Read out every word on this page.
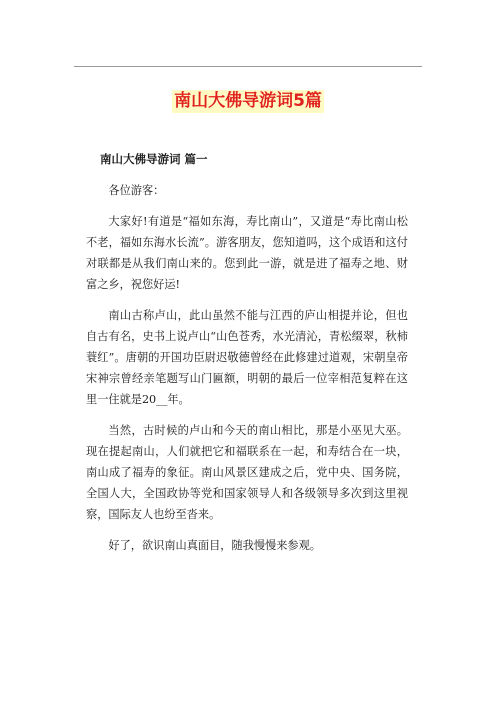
南山大佛导游词5篇
南山大佛导游词 篇一

各位游客：

大家好!有道是“福如东海，寿比南山”，又道是“寿比南山松不老，福如东海水长流”。游客朋友，您知道吗，这个成语和这付对联都是从我们南山来的。您到此一游，就是进了福寿之地、财富之乡，祝您好运!

南山古称卢山，此山虽然不能与江西的庐山相提并论，但也自古有名，史书上说卢山“山色苍秀，水光清沁，青松缀翠，秋柿蓑红”。唐朝的开国功臣尉迟敬德曾经在此修建过道观，宋朝皇帝宋神宗曾经亲笔题写山门匾额，明朝的最后一位宰相范复粹在这里一住就是20__年。

当然，古时候的卢山和今天的南山相比，那是小巫见大巫。现在提起南山，人们就把它和福联系在一起，和寿结合在一块，南山成了福寿的象征。南山风景区建成之后，党中央、国务院，全国人大，全国政协等党和国家领导人和各级领导多次到这里视察，国际友人也纷至沓来。

好了，欲识南山真面目，随我慢慢来参观。
